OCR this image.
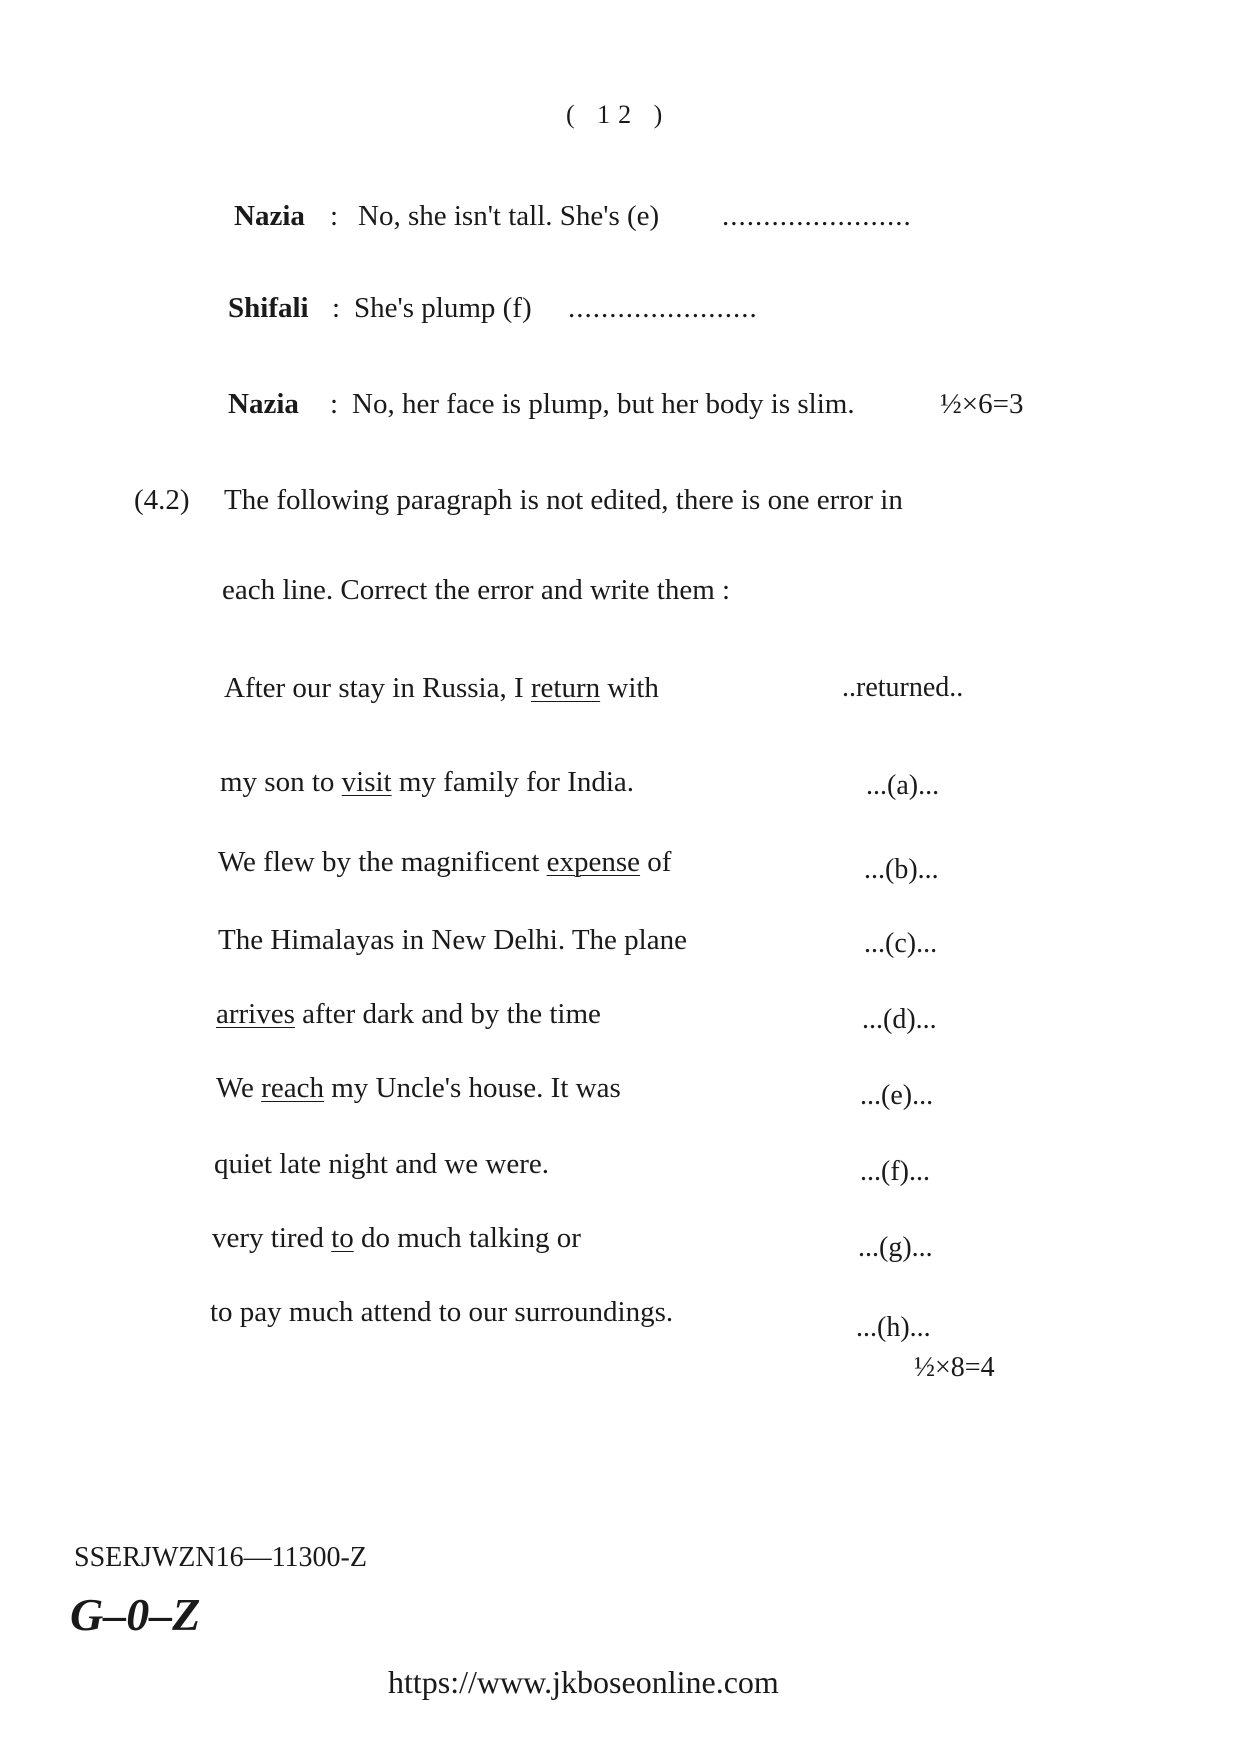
( 12 )
Nazia : No, she isn't tall. She's (e) .......................
Shifali : She's plump (f) .......................
Nazia : No, her face is plump, but her body is slim.	½×6=3
(4.2) The following paragraph is not edited, there is one error in
each line. Correct the error and write them :
After our stay in Russia, I return with	..returned..
my son to visit my family for India.	...(a)...
We flew by the magnificent expense of	...(b)...
The Himalayas in New Delhi. The plane	...(c)...
arrives after dark and by the time	...(d)...
We reach my Uncle's house. It was	...(e)...
quiet late night and we were.	...(f)...
very tired to do much talking or	...(g)...
to pay much attend to our surroundings.	...(h)...
½×8=4
SSERJWZN16—11300-Z
G–0–Z
https://www.jkboseonline.com
